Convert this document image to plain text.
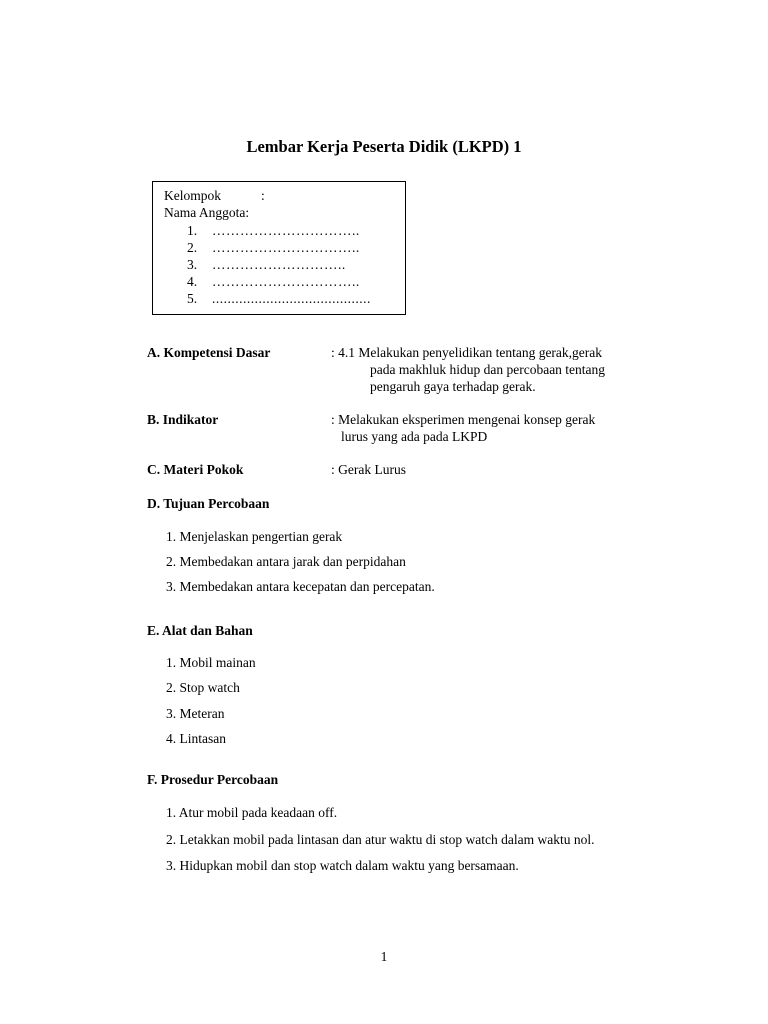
Lembar Kerja Peserta Didik (LKPD) 1
Kelompok	:
Nama Anggota:
1. …………………………..
2. …………………………..
3. ………………………..
4. …………………………..
5. .........................................
A. Kompetensi Dasar	: 4.1 Melakukan penyelidikan tentang gerak,gerak
pada makhluk hidup dan percobaan tentang
pengaruh gaya terhadap gerak.
B. Indikator	: Melakukan eksperimen mengenai konsep gerak
lurus yang ada pada LKPD
C. Materi Pokok	: Gerak Lurus
D. Tujuan Percobaan
1. Menjelaskan pengertian gerak
2. Membedakan antara jarak dan perpidahan
3. Membedakan antara kecepatan dan percepatan.
E. Alat dan Bahan
1. Mobil mainan
2. Stop watch
3. Meteran
4. Lintasan
F. Prosedur Percobaan
1. Atur mobil pada keadaan off.
2. Letakkan mobil pada lintasan dan atur waktu di stop watch dalam waktu nol.
3. Hidupkan mobil dan stop watch dalam waktu yang bersamaan.
1
